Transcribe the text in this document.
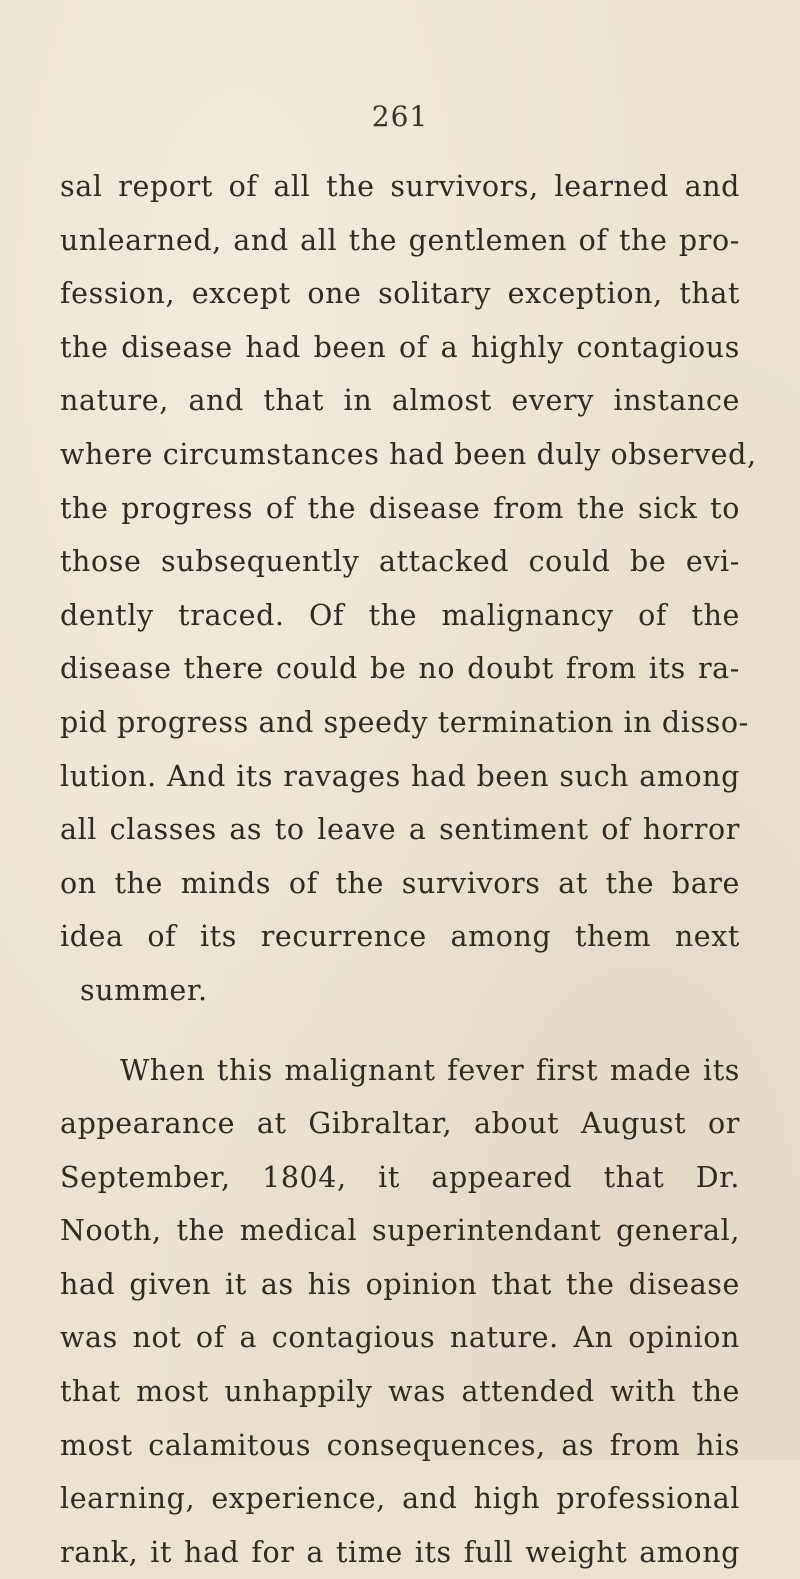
261
sal report of all the survivors, learned and
unlearned, and all the gentlemen of the pro-
fession, except one solitary exception, that
the disease had been of a highly contagious
nature, and that in almost every instance
where circumstances had been duly observed,
the progress of the disease from the sick to
those subsequently attacked could be evi-
dently traced. Of the malignancy of the
disease there could be no doubt from its ra-
pid progress and speedy termination in disso-
lution. And its ravages had been such among
all classes as to leave a sentiment of horror
on the minds of the survivors at the bare
idea of its recurrence among them next
summer.
When this malignant fever first made its
appearance at Gibraltar, about August or
September, 1804, it appeared that Dr.
Nooth, the medical superintendant general,
had given it as his opinion that the disease
was not of a contagious nature. An opinion
that most unhappily was attended with the
most calamitous consequences, as from his
learning, experience, and high professional
rank, it had for a time its full weight among
